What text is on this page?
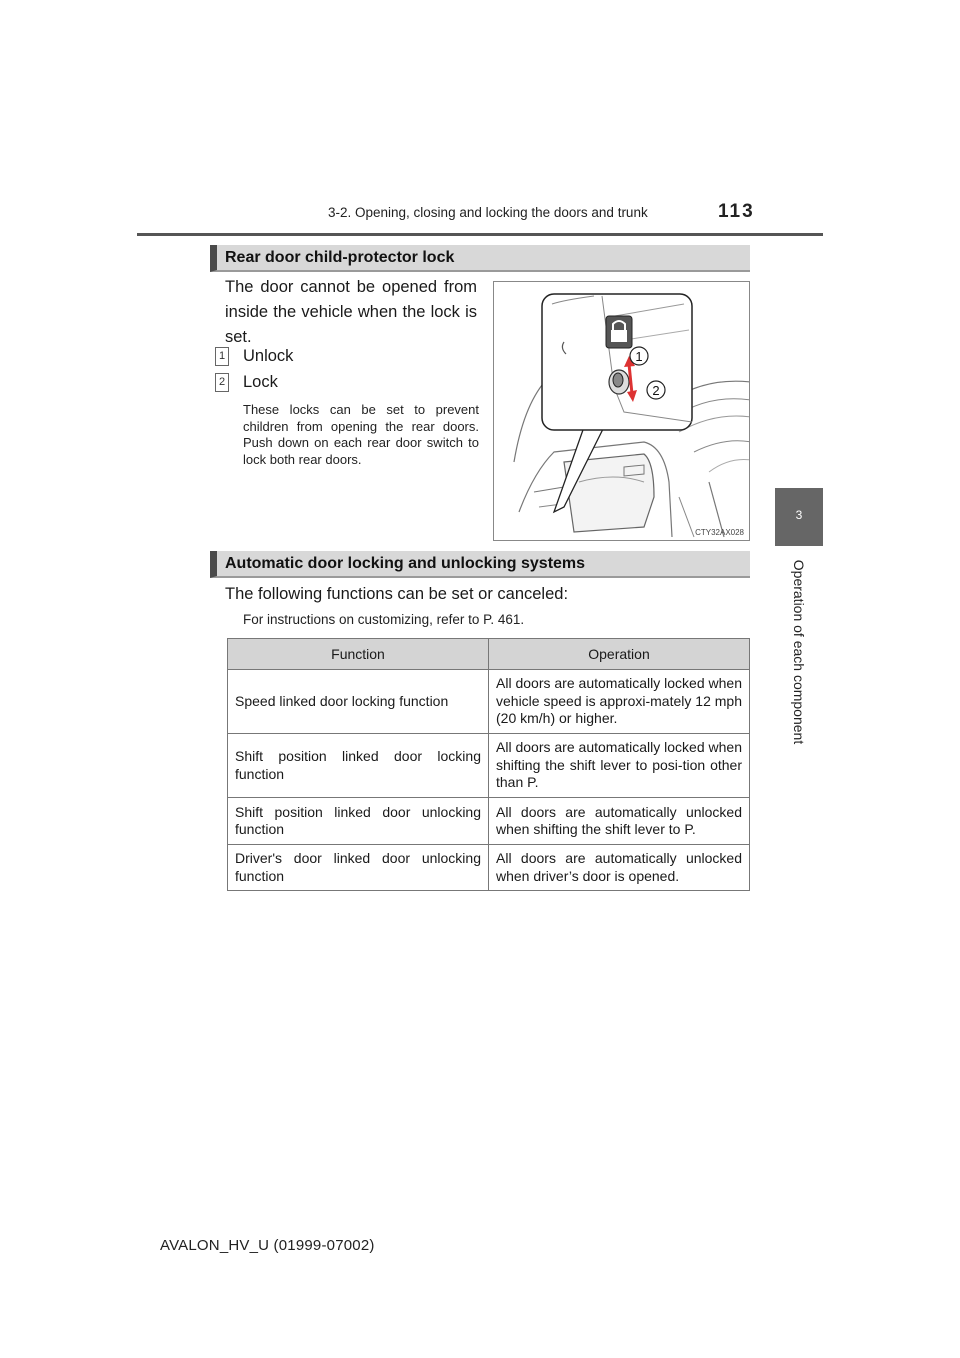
3-2. Opening, closing and locking the doors and trunk	113
3
Operation of each component
Rear door child-protector lock
The door cannot be opened from inside the vehicle when the lock is set.
1 Unlock
2 Lock
These locks can be set to prevent children from opening the rear doors. Push down on each rear door switch to lock both rear doors.
1
2
CTY32AX028
Automatic door locking and unlocking systems
The following functions can be set or canceled:
For instructions on customizing, refer to P. 461.
Function	Operation
Speed linked door locking function	All doors are automatically locked when vehicle speed is approxi-mately 12 mph (20 km/h) or higher.
Shift position linked door locking function	All doors are automatically locked when shifting the shift lever to posi-tion other than P.
Shift position linked door unlocking function	All doors are automatically unlocked when shifting the shift lever to P.
Driver's door linked door unlocking function	All doors are automatically unlocked when driver’s door is opened.
AVALON_HV_U (01999-07002)
